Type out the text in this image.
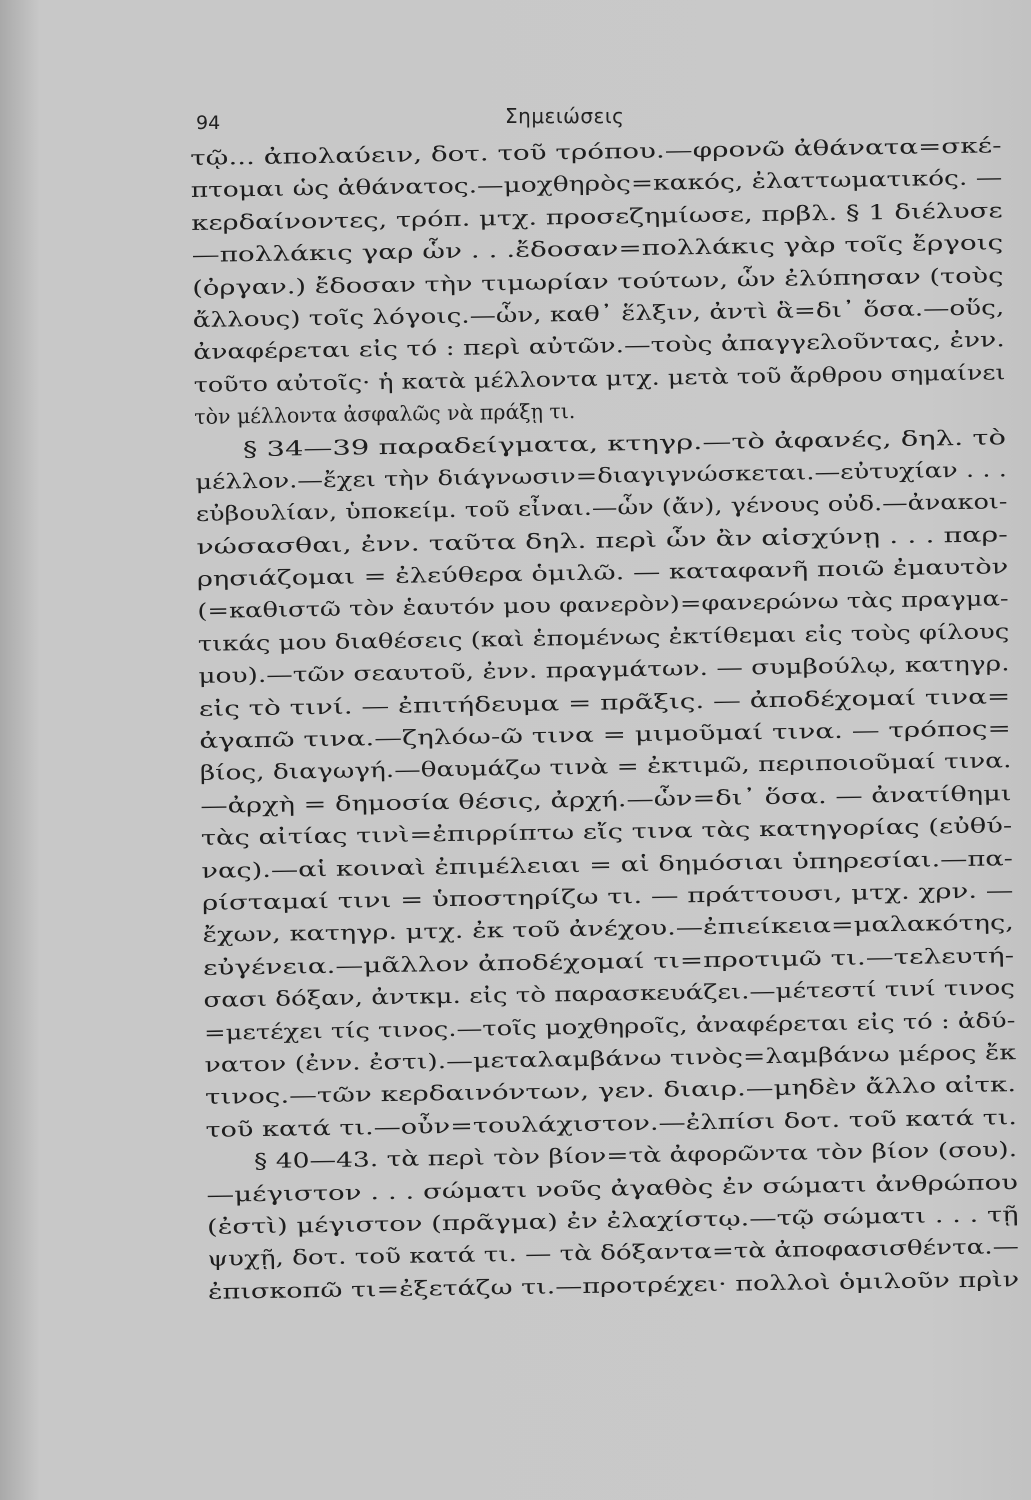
94	Σημειώσεις
τῷ... ἀπολαύειν, δοτ. τοῦ τρόπου.—φρονῶ ἀθάνατα=σκέ-
πτομαι ὡς ἀθάνατος.—μοχθηρὸς=κακός, ἐλαττωματικός. —
κερδαίνοντες, τρόπ. μτχ. προσεζημίωσε, πρβλ. § 1 διέλυσε
—πολλάκις γαρ ὧν . . .ἔδοσαν=πολλάκις γὰρ τοῖς ἔργοις
(ὀργαν.) ἔδοσαν τὴν τιμωρίαν τούτων, ὧν ἐλύπησαν (τοὺς
ἄλλους) τοῖς λόγοις.—ὧν, καθ᾽ ἕλξιν, ἀντὶ ἃ=δι᾽ ὅσα.—οὕς,
ἀναφέρεται εἰς τό : περὶ αὐτῶν.—τοὺς ἀπαγγελοῦντας, ἐνν.
τοῦτο αὐτοῖς· ἡ κατὰ μέλλοντα μτχ. μετὰ τοῦ ἄρθρου σημαίνει
τὸν μέλλοντα ἀσφαλῶς νὰ πράξῃ τι.
§ 34—39 παραδείγματα, κτηγρ.—τὸ ἀφανές, δηλ. τὸ
μέλλον.—ἔχει τὴν διάγνωσιν=διαγιγνώσκεται.—εὐτυχίαν . . .
εὐβουλίαν, ὑποκείμ. τοῦ εἶναι.—ὧν (ἄν), γένους οὐδ.—ἀνακοι-
νώσασθαι, ἐνν. ταῦτα δηλ. περὶ ὧν ἂν αἰσχύνῃ . . . παρ-
ρησιάζομαι = ἐλεύθερα ὁμιλῶ. — καταφανῆ ποιῶ ἐμαυτὸν
(=καθιστῶ τὸν ἑαυτόν μου φανερὸν)=φανερώνω τὰς πραγμα-
τικάς μου διαθέσεις (καὶ ἑπομένως ἐκτίθεμαι εἰς τοὺς φίλους
μου).—τῶν σεαυτοῦ, ἐνν. πραγμάτων. — συμβούλῳ, κατηγρ.
εἰς τὸ τινί. — ἐπιτήδευμα = πρᾶξις. — ἀποδέχομαί τινα=
ἀγαπῶ τινα.—ζηλόω-ῶ τινα = μιμοῦμαί τινα. — τρόπος=
βίος, διαγωγή.—θαυμάζω τινὰ = ἐκτιμῶ, περιποιοῦμαί τινα.
—ἀρχὴ = δημοσία θέσις, ἀρχή.—ὧν=δι᾽ ὅσα. — ἀνατίθημι
τὰς αἰτίας τινὶ=ἐπιρρίπτω εἴς τινα τὰς κατηγορίας (εὐθύ-
νας).—αἱ κοιναὶ ἐπιμέλειαι = αἱ δημόσιαι ὑπηρεσίαι.—πα-
ρίσταμαί τινι = ὑποστηρίζω τι. — πράττουσι, μτχ. χρν. —
ἔχων, κατηγρ. μτχ. ἐκ τοῦ ἀνέχου.—ἐπιείκεια=μαλακότης,
εὐγένεια.—μᾶλλον ἀποδέχομαί τι=προτιμῶ τι.—τελευτή-
σασι δόξαν, ἀντκμ. εἰς τὸ παρασκευάζει.—μέτεστί τινί τινος
=μετέχει τίς τινος.—τοῖς μοχθηροῖς, ἀναφέρεται εἰς τό : ἀδύ-
νατον (ἐνν. ἐστι).—μεταλαμβάνω τινὸς=λαμβάνω μέρος ἔκ
τινος.—τῶν κερδαινόντων, γεν. διαιρ.—μηδὲν ἄλλο αἰτκ.
τοῦ κατά τι.—οὖν=τουλάχιστον.—ἐλπίσι δοτ. τοῦ κατά τι.
§ 40—43. τὰ περὶ τὸν βίον=τὰ ἀφορῶντα τὸν βίον (σου).
—μέγιστον . . . σώματι νοῦς ἀγαθὸς ἐν σώματι ἀνθρώπου
(ἐστὶ) μέγιστον (πρᾶγμα) ἐν ἐλαχίστῳ.—τῷ σώματι . . . τῇ
ψυχῇ, δοτ. τοῦ κατά τι. — τὰ δόξαντα=τὰ ἀποφασισθέντα.—
ἐπισκοπῶ τι=ἐξετάζω τι.—προτρέχει· πολλοὶ ὁμιλοῦν πρὶν
